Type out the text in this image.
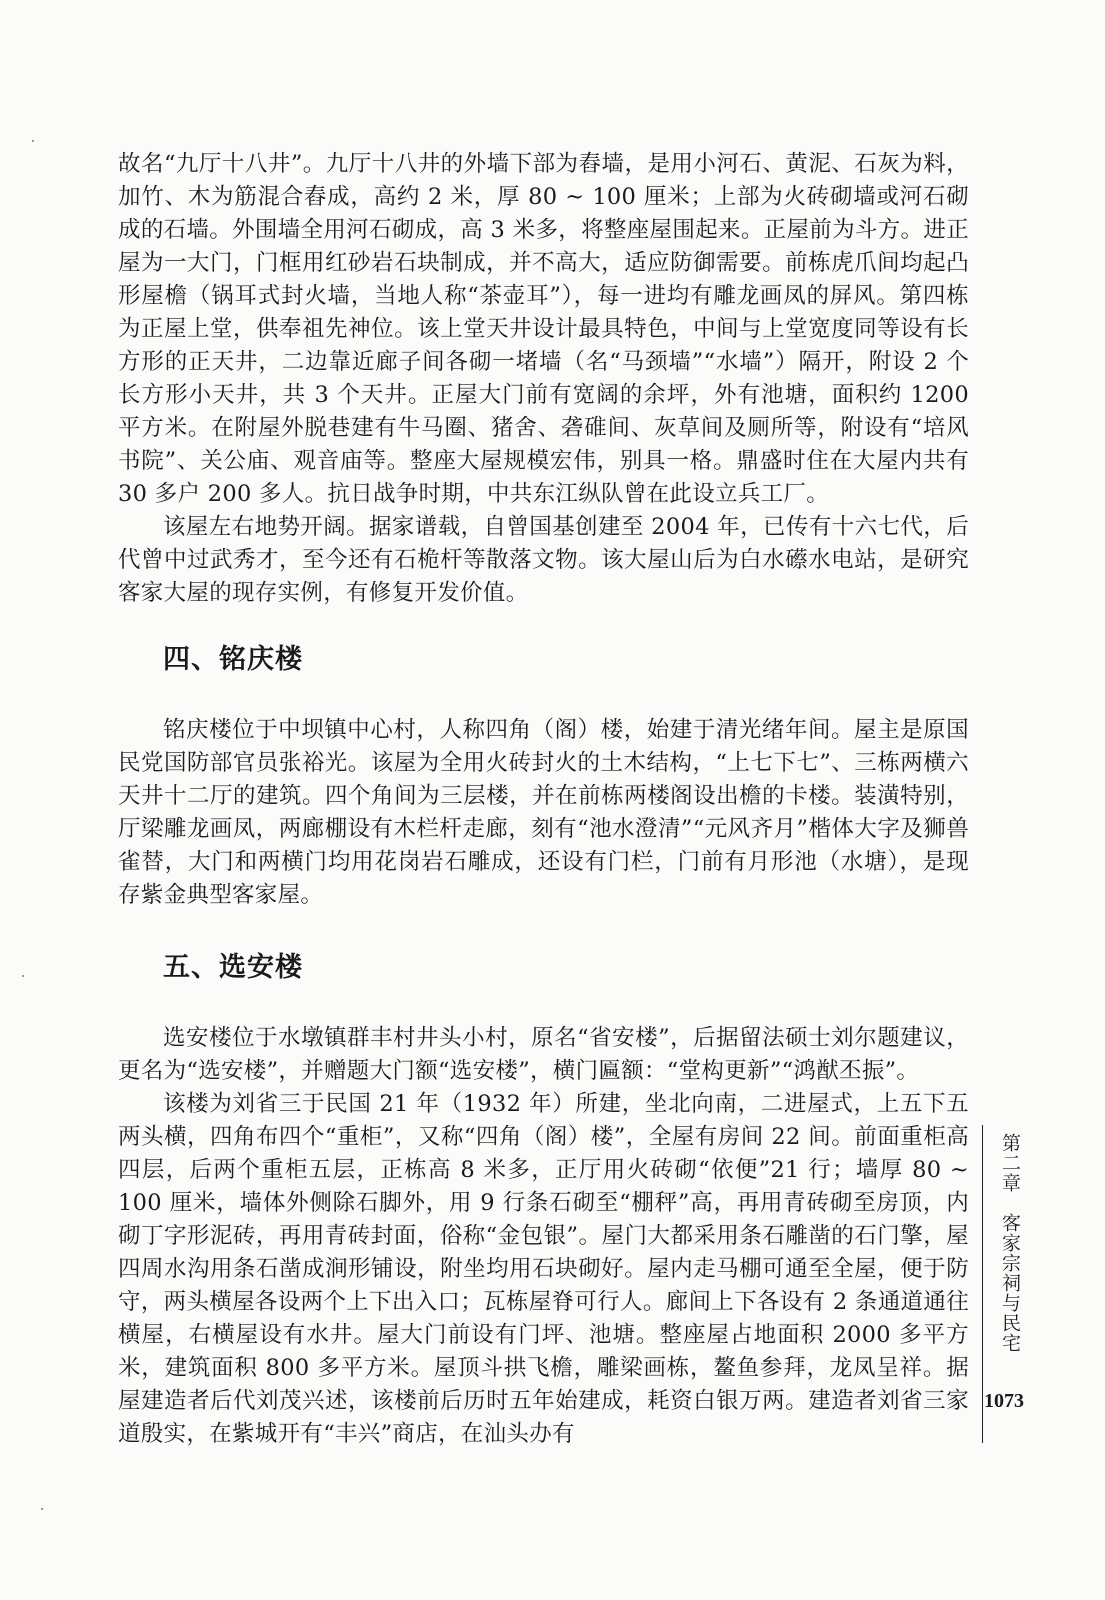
故名“九厅十八井”。九厅十八井的外墙下部为舂墙，是用小河石、黄泥、石灰为料，加竹、木为筋混合舂成，高约 2 米，厚 80 ~ 100 厘米；上部为火砖砌墙或河石砌成的石墙。外围墙全用河石砌成，高 3 米多，将整座屋围起来。正屋前为斗方。进正屋为一大门，门框用红砂岩石块制成，并不高大，适应防御需要。前栋虎爪间均起凸形屋檐（锅耳式封火墙，当地人称“茶壶耳”），每一进均有雕龙画凤的屏风。第四栋为正屋上堂，供奉祖先神位。该上堂天井设计最具特色，中间与上堂宽度同等设有长方形的正天井，二边靠近廊子间各砌一堵墙（名“马颈墙”“水墙”）隔开，附设 2 个长方形小天井，共 3 个天井。正屋大门前有宽阔的余坪，外有池塘，面积约 1200 平方米。在附屋外脱巷建有牛马圈、猪舍、砻碓间、灰草间及厕所等，附设有“培风书院”、关公庙、观音庙等。整座大屋规模宏伟，别具一格。鼎盛时住在大屋内共有 30 多户 200 多人。抗日战争时期，中共东江纵队曾在此设立兵工厂。

该屋左右地势开阔。据家谱载，自曾国基创建至 2004 年，已传有十六七代，后代曾中过武秀才，至今还有石桅杆等散落文物。该大屋山后为白水礤水电站，是研究客家大屋的现存实例，有修复开发价值。

四、铭庆楼

铭庆楼位于中坝镇中心村，人称四角（阁）楼，始建于清光绪年间。屋主是原国民党国防部官员张裕光。该屋为全用火砖封火的土木结构，“上七下七”、三栋两横六天井十二厅的建筑。四个角间为三层楼，并在前栋两楼阁设出檐的卡楼。装潢特别，厅梁雕龙画凤，两廊棚设有木栏杆走廊，刻有“池水澄清”“元风齐月”楷体大字及狮兽雀替，大门和两横门均用花岗岩石雕成，还设有门栏，门前有月形池（水塘），是现存紫金典型客家屋。

五、选安楼

选安楼位于水墩镇群丰村井头小村，原名“省安楼”，后据留法硕士刘尔题建议，更名为“选安楼”，并赠题大门额“选安楼”，横门匾额：“堂构更新”“鸿猷丕振”。

该楼为刘省三于民国 21 年（1932 年）所建，坐北向南，二进屋式，上五下五两头横，四角布四个“重柜”，又称“四角（阁）楼”，全屋有房间 22 间。前面重柜高四层，后两个重柜五层，正栋高 8 米多，正厅用火砖砌“依便”21 行；墙厚 80 ~ 100 厘米，墙体外侧除石脚外，用 9 行条石砌至“棚秤”高，再用青砖砌至房顶，内砌丁字形泥砖，再用青砖封面，俗称“金包银”。屋门大都采用条石雕凿的石门擎，屋四周水沟用条石凿成涧形铺设，附坐均用石块砌好。屋内走马棚可通至全屋，便于防守，两头横屋各设两个上下出入口；瓦栋屋脊可行人。廊间上下各设有 2 条通道通往横屋，右横屋设有水井。屋大门前设有门坪、池塘。整座屋占地面积 2000 多平方米，建筑面积 800 多平方米。屋顶斗拱飞檐，雕梁画栋，鳌鱼参拜，龙凤呈祥。据屋建造者后代刘茂兴述，该楼前后历时五年始建成，耗资白银万两。建造者刘省三家道殷实，在紫城开有“丰兴”商店，在汕头办有

第二章　客家宗祠与民宅
1073
